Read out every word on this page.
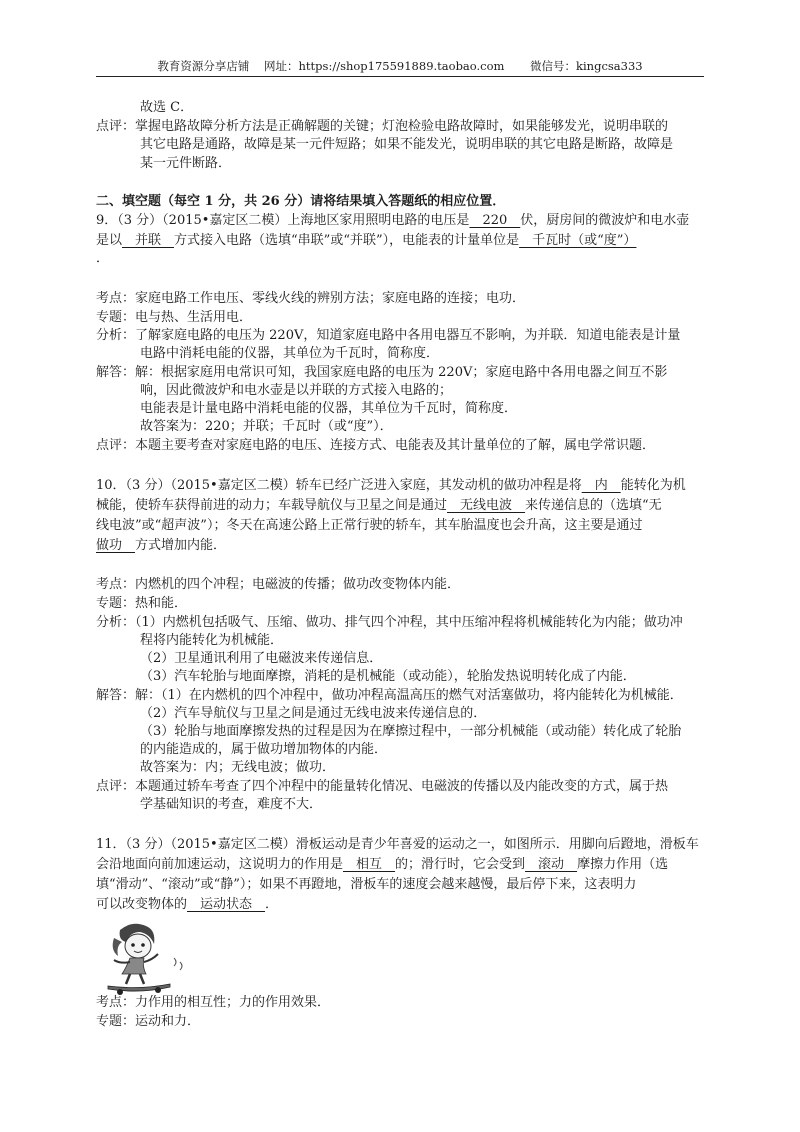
教育资源分享店铺 网址：https://shop175591889.taobao.com 微信号：kingcsa333
故选 C．
点评：掌握电路故障分析方法是正确解题的关键；灯泡检验电路故障时，如果能够发光，说明串联的
其它电路是通路，故障是某一元件短路；如果不能发光，说明串联的其它电路是断路，故障是
某一元件断路．
二、填空题（每空 1 分，共 26 分）请将结果填入答题纸的相应位置．
9．（3 分）（2015•嘉定区二模）上海地区家用照明电路的电压是　220　伏，厨房间的微波炉和电水壶
是以　并联　方式接入电路（选填“串联”或“并联”），电能表的计量单位是　千瓦时（或“度”）
．
考点：家庭电路工作电压、零线火线的辨别方法；家庭电路的连接；电功．
专题：电与热、生活用电．
分析：了解家庭电路的电压为 220V，知道家庭电路中各用电器互不影响，为并联．知道电能表是计量
电路中消耗电能的仪器，其单位为千瓦时，简称度．
解答：解：根据家庭用电常识可知，我国家庭电路的电压为 220V；家庭电路中各用电器之间互不影
响，因此微波炉和电水壶是以并联的方式接入电路的；
电能表是计量电路中消耗电能的仪器，其单位为千瓦时，简称度．
故答案为：220；并联；千瓦时（或“度”）．
点评：本题主要考查对家庭电路的电压、连接方式、电能表及其计量单位的了解，属电学常识题．
10．（3 分）（2015•嘉定区二模）轿车已经广泛进入家庭，其发动机的做功冲程是将　内　能转化为机
械能，使轿车获得前进的动力；车载导航仪与卫星之间是通过　无线电波　来传递信息的（选填“无
线电波”或“超声波”）；冬天在高速公路上正常行驶的轿车，其车胎温度也会升高，这主要是通过
做功　方式增加内能．
考点：内燃机的四个冲程；电磁波的传播；做功改变物体内能．
专题：热和能．
分析：（1）内燃机包括吸气、压缩、做功、排气四个冲程，其中压缩冲程将机械能转化为内能；做功冲
程将内能转化为机械能．
（2）卫星通讯利用了电磁波来传递信息．
（3）汽车轮胎与地面摩擦，消耗的是机械能（或动能），轮胎发热说明转化成了内能．
解答：解：（1）在内燃机的四个冲程中，做功冲程高温高压的燃气对活塞做功，将内能转化为机械能．
（2）汽车导航仪与卫星之间是通过无线电波来传递信息的．
（3）轮胎与地面摩擦发热的过程是因为在摩擦过程中，一部分机械能（或动能）转化成了轮胎
的内能造成的，属于做功增加物体的内能．
故答案为：内；无线电波；做功．
点评：本题通过轿车考查了四个冲程中的能量转化情况、电磁波的传播以及内能改变的方式，属于热
学基础知识的考查，难度不大．
11．（3 分）（2015•嘉定区二模）滑板运动是青少年喜爱的运动之一，如图所示．用脚向后蹬地，滑板车
会沿地面向前加速运动，这说明力的作用是　相互　的；滑行时，它会受到　滚动　摩擦力作用（选
填“滑动”、“滚动”或“静”）；如果不再蹬地，滑板车的速度会越来越慢，最后停下来，这表明力
可以改变物体的　运动状态　．
考点：力作用的相互性；力的作用效果．
专题：运动和力．
